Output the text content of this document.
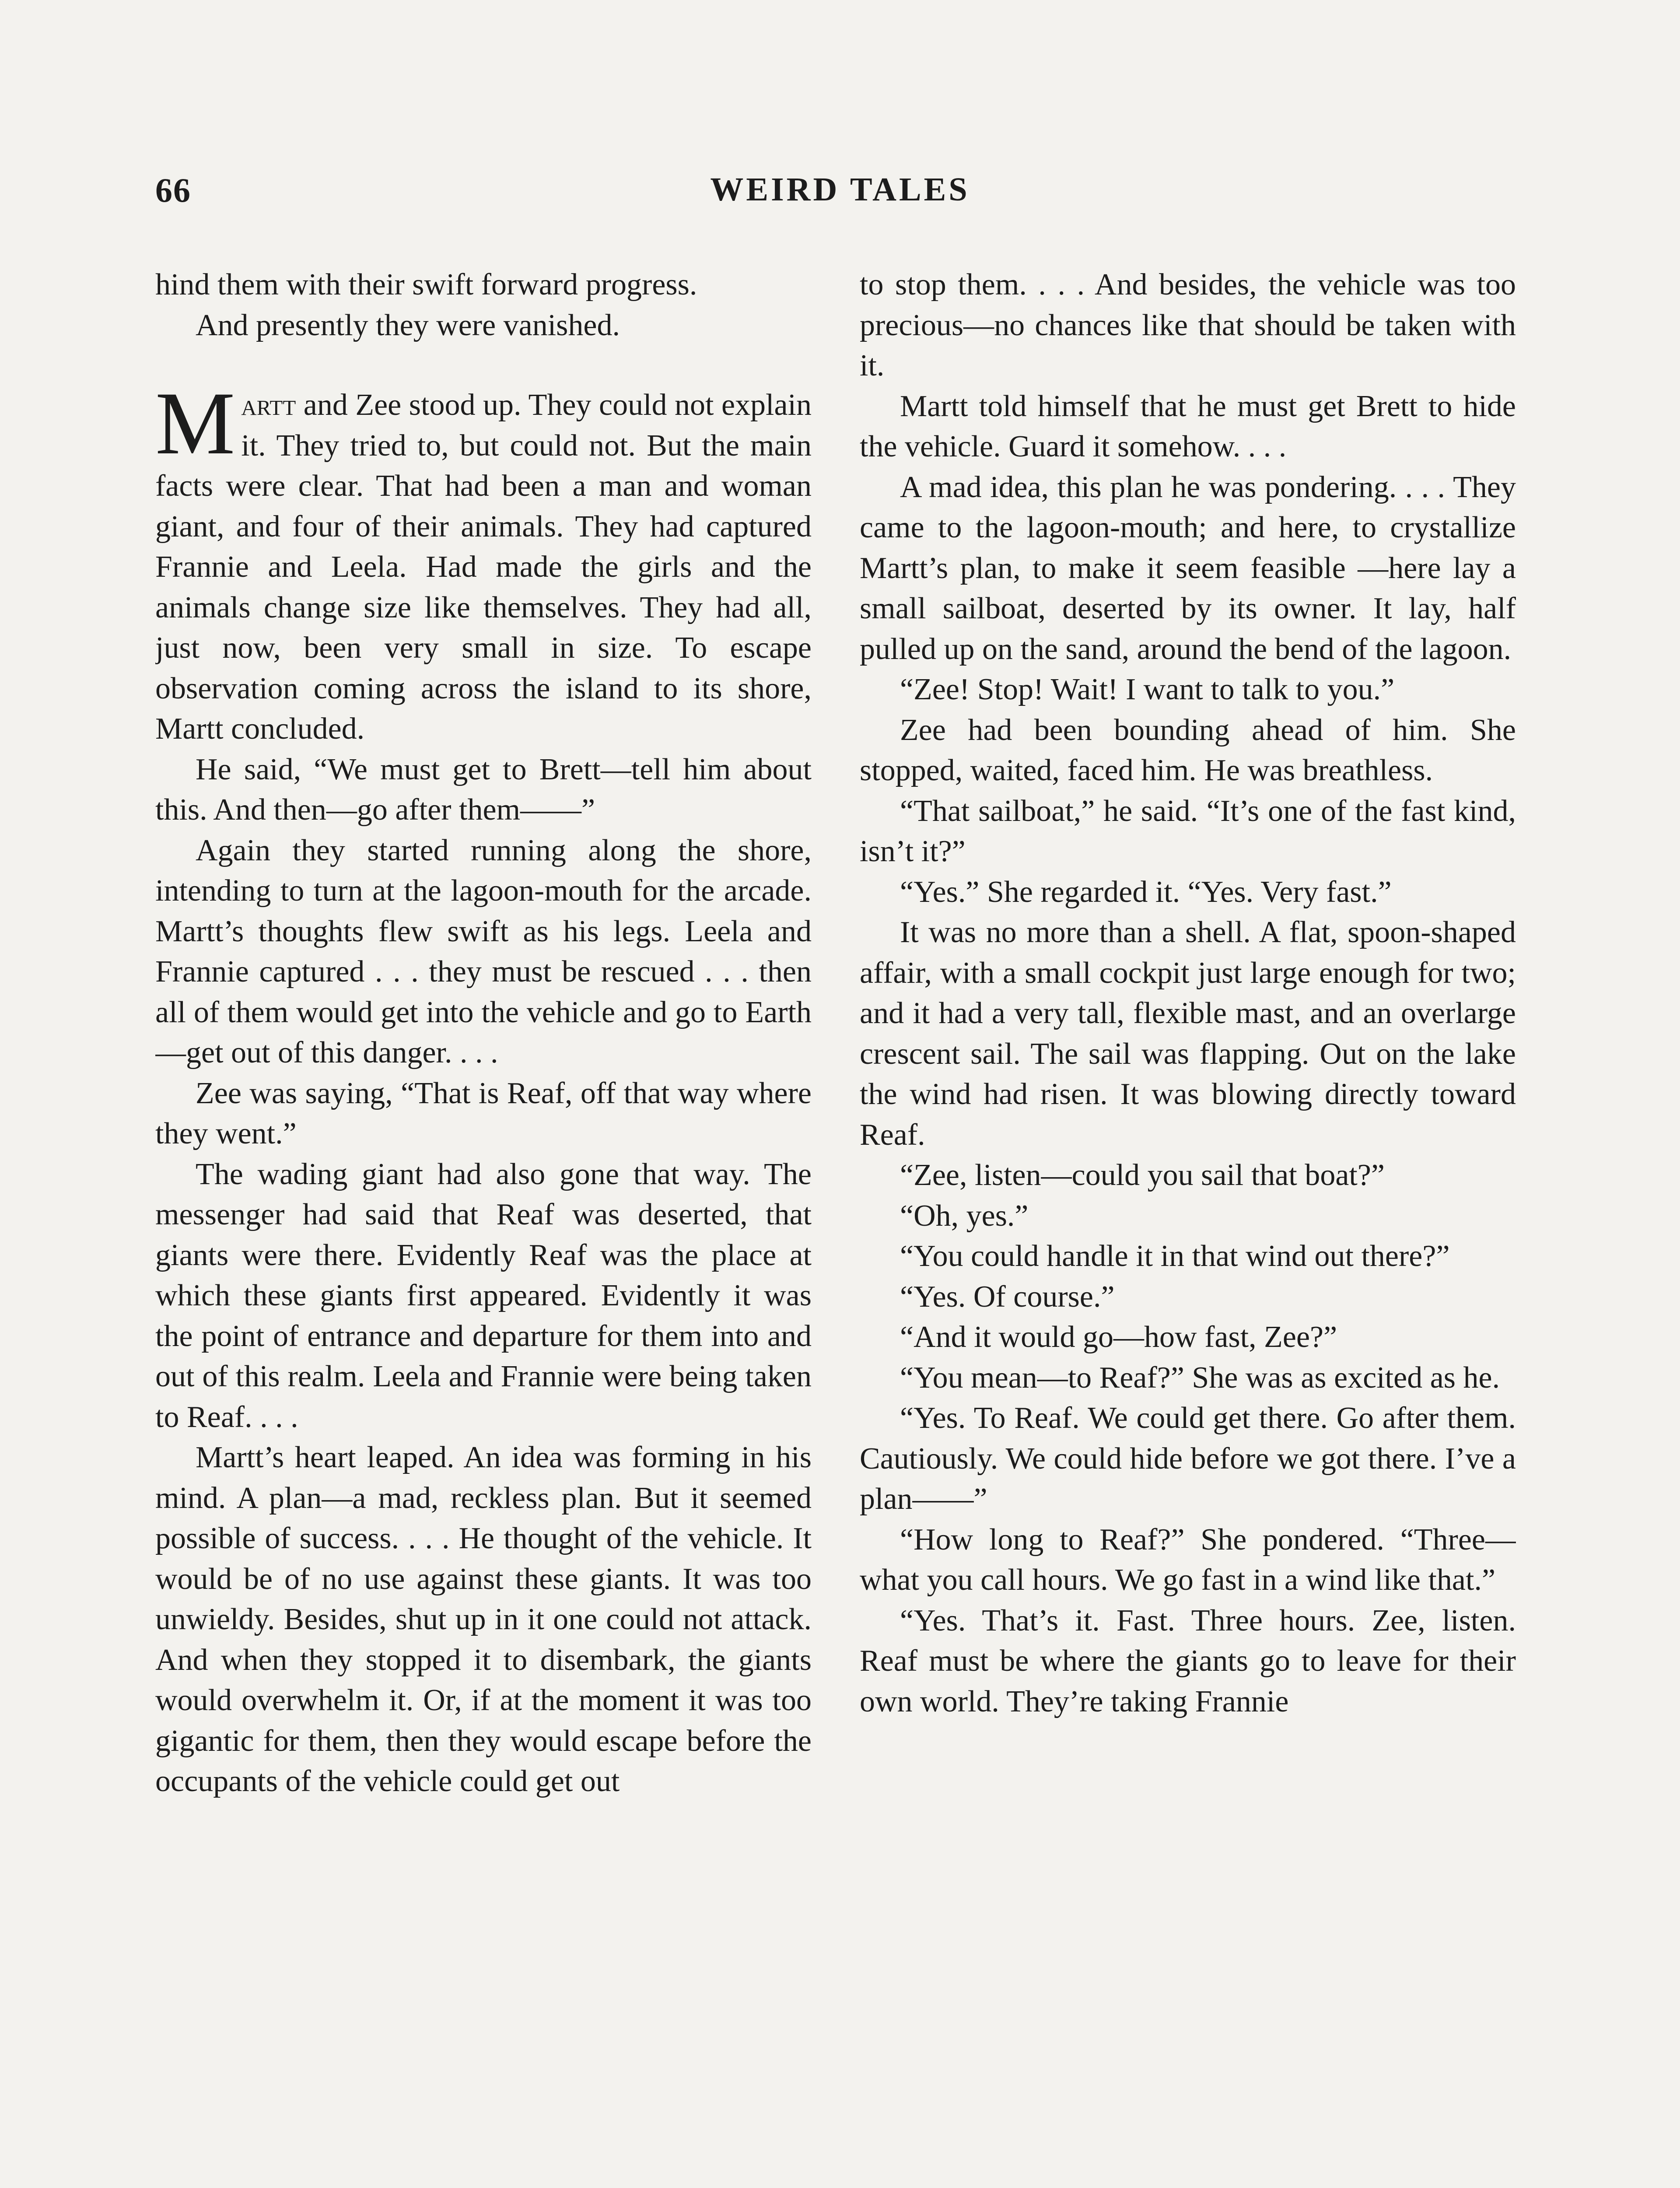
66	WEIRD TALES

hind them with their swift forward progress.

And presently they were vanished.

Martt and Zee stood up. They could not explain it. They tried to, but could not. But the main facts were clear. That had been a man and woman giant, and four of their animals. They had captured Frannie and Leela. Had made the girls and the animals change size like themselves. They had all, just now, been very small in size. To escape observation coming across the island to its shore, Martt concluded.

He said, “We must get to Brett—tell him about this. And then—go after them——”

Again they started running along the shore, intending to turn at the lagoon-mouth for the arcade. Martt’s thoughts flew swift as his legs. Leela and Frannie captured . . . they must be rescued . . . then all of them would get into the vehicle and go to Earth—get out of this danger. . . .

Zee was saying, “That is Reaf, off that way where they went.”

The wading giant had also gone that way. The messenger had said that Reaf was deserted, that giants were there. Evidently Reaf was the place at which these giants first appeared. Evidently it was the point of entrance and departure for them into and out of this realm. Leela and Frannie were being taken to Reaf. . . .

Martt’s heart leaped. An idea was forming in his mind. A plan—a mad, reckless plan. But it seemed possible of success. . . . He thought of the vehicle. It would be of no use against these giants. It was too unwieldy. Besides, shut up in it one could not attack. And when they stopped it to disembark, the giants would overwhelm it. Or, if at the moment it was too gigantic for them, then they would escape before the occupants of the vehicle could get out

to stop them. . . . And besides, the vehicle was too precious—no chances like that should be taken with it.

Martt told himself that he must get Brett to hide the vehicle. Guard it somehow. . . .

A mad idea, this plan he was pondering. . . . They came to the lagoon-mouth; and here, to crystallize Martt’s plan, to make it seem feasible —here lay a small sailboat, deserted by its owner. It lay, half pulled up on the sand, around the bend of the lagoon.

“Zee! Stop! Wait! I want to talk to you.”

Zee had been bounding ahead of him. She stopped, waited, faced him. He was breathless.

“That sailboat,” he said. “It’s one of the fast kind, isn’t it?”

“Yes.” She regarded it. “Yes. Very fast.”

It was no more than a shell. A flat, spoon-shaped affair, with a small cockpit just large enough for two; and it had a very tall, flexible mast, and an overlarge crescent sail. The sail was flapping. Out on the lake the wind had risen. It was blowing directly toward Reaf.

“Zee, listen—could you sail that boat?”

“Oh, yes.”

“You could handle it in that wind out there?”

“Yes. Of course.”

“And it would go—how fast, Zee?”

“You mean—to Reaf?” She was as excited as he.

“Yes. To Reaf. We could get there. Go after them. Cautiously. We could hide before we got there. I’ve a plan——”

“How long to Reaf?” She pondered. “Three—what you call hours. We go fast in a wind like that.”

“Yes. That’s it. Fast. Three hours. Zee, listen. Reaf must be where the giants go to leave for their own world. They’re taking Frannie
